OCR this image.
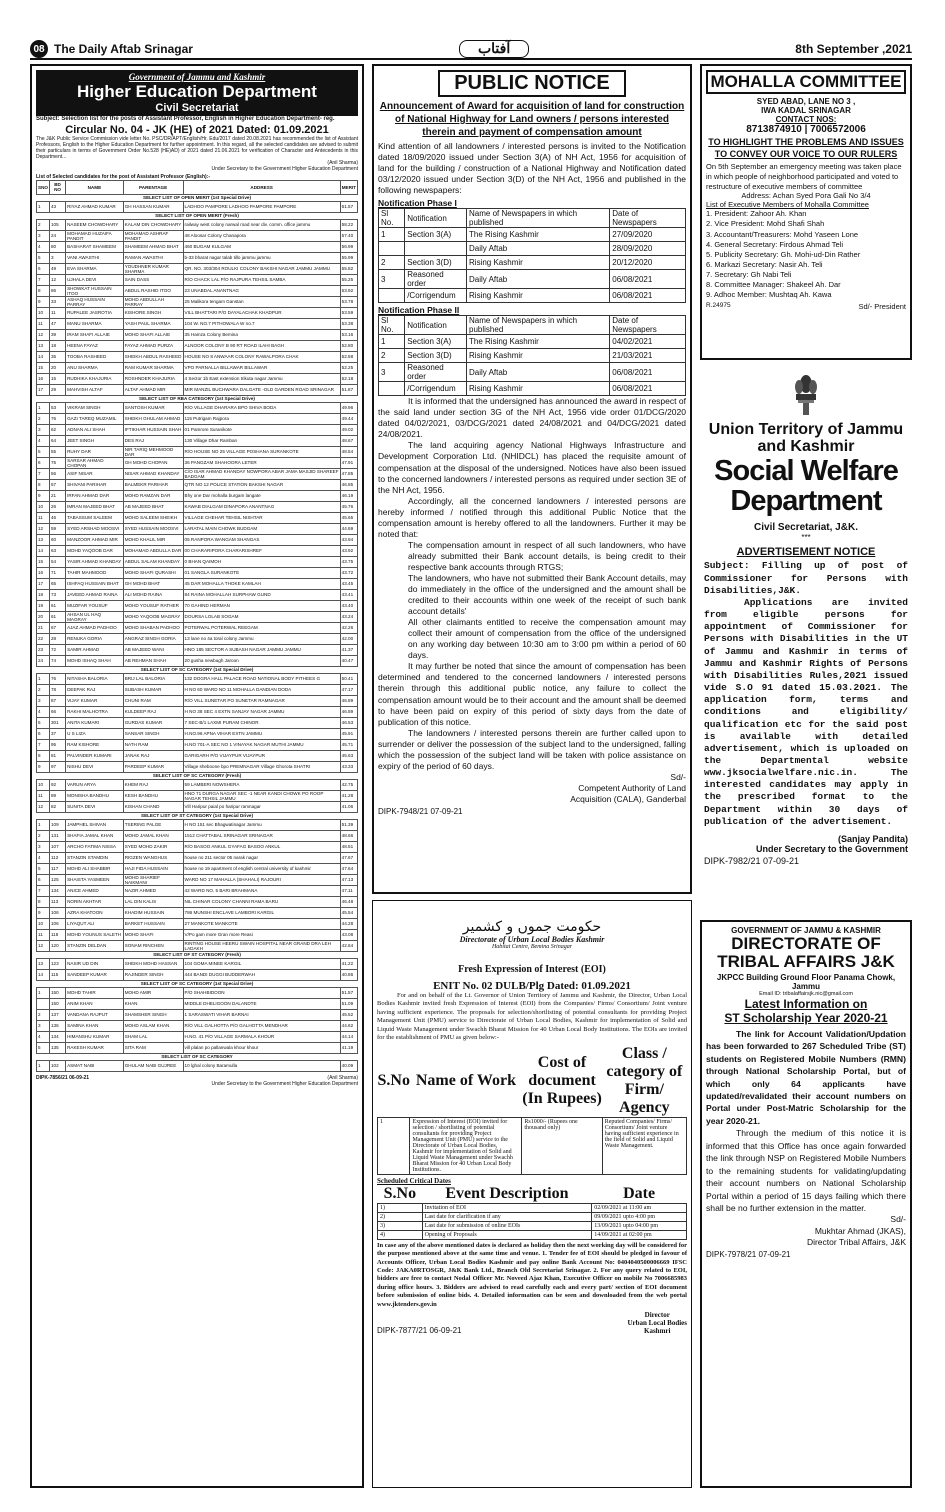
08 The Daily Aftab Srinagar	آفتاب	8th September ,2021
Government of Jammu and Kashmir
Higher Education Department
Civil Secretariat
Subject: Selection list for the posts of Assistant Professor, English in Higher Education Department- reg.
Circular No. 04 - JK (HE) of 2021 Dated: 01.09.2021
The J&K Public Service Commission vide letter No. PSC/DR/APT/English/Hr. Edu/2017 dated 20.08.2021 has recommended the list of Assistant Professors, English to the Higher Education Department for further appointment. In this regard, all the selected candidates are advised to submit their particulars in terms of Government Order No.528 (HE)AD) of 2021 dated 21.06.2021 for verification of Character and Antecedents in this Department...
(Anil Sharma)
Under Secretary to the Government Higher Education Department
List of Selected candidates for the post of Assistant Professor (English):-
SNO	BD NO	NAME	PARENTAGE	ADDRESS	MERIT
SELECT LIST OF OPEN MERIT (1st Special Drive)					
1	43	RIYAZ AHMAD KUMAR	GH HASSAN KUMAR	LADHOO PAMPORE LADHOO PAMPORE PAMPORE	61.57
SELECT LIST OF OPEN MERIT (Fresh)					
2	105	NASEEM CHOWDHARY	KALAM DIN CHOWDHARY	railway west colony narwal road near div. comm. office jammu	58.22
3	24	MOHAMAD HUZAIFA PANDIT	MOHAMAD ASHRAF PANDIT	48 Aloosar Colony Chanapora	57.40
4	80	BASHARAT SHAMEEM	SHAMEEM AHMAD BHAT	460 BUGAM KULGAM	56.99
5	3	VANI AWASTHI	RAMAN AWASTHI	b-33 bharat nagar talab tillo jammu jammu	55.99
6	49	EVA SHARMA	YOUDHNER KUMAR SHARMA	QR. NO. 303/304 ROULKI COLONY BAKSHI NAGAR JAMMU JAMMU	55.82
7	12	UJHALA DEVI	SAIN DASS	R/O CHACK LAL P/O RAJPURA TEHSIL SAMBA	55.25
8	86	SHOWKAT HUSSAIN ITOO	ABDUL RASHID ITOO	23 UNABDAL ANANTNAG	53.92
9	33	ASHAQ HUSSAIN PARRAY	MOHD ABDULLAH PARRAY	25 Malikora tengam Ganstan	53.78
10	11	RUPALEE JASROTIA	KISHORE SINGH	VILL BHATTARI P/O DAYALACHAK KHADPUR	53.59
11	47	MANU SHARMA	YASH PAUL SHARMA	104 W. NO.7 PITHOWALA W no.7	53.38
12	39	IRAM SHAFI ALLAIE	MOHD SHAFI ALLAIE	35 Hamza Colony Bemina	53.16
13	18	HEENA FAYAZ	FAYAZ AHMAD PURZA	ALNOOR COLONY B 90 RT ROAD ILAHI BAGH	52.80
14	35	TOOBA RASHEED	SHEIKH ABDUL RASHEED	HOUSE NO 8 ANWAAR COLONY RAWALPORA CHAK	52.58
15	20	ANU SHARMA	RAM KUMAR SHARMA	VPO PARNALLA BILLAWAR BILLAWAR	52.25
16	15	RUDHIKA KHAJURIA	ROSHNDER KHAJURIA	4 Sector 1b East extension trikuta nagar Jammu	52.18
17	29	MAHVISH ALTAF	ALTAF AHMAD MIR	MIR MANZIL BUCHWARA DALGATE -OLD GARDEN ROAD SRINAGAR	51.87
SELECT LIST OF RBA CATEGORY (1st Special Drive)					
1	53	VIKRAM SINGH	SANTOSH KUMAR	R/O VILLAGE DHARARA BPO SHIVA BODA	49.96
2	76	GAZI TAREQ MUZAMIL	SHEIKH GHULAM AHMAD	115 Putrigam Rajpora	49.44
3	62	ADNAN ALI SHAH	IFTIKHAR HUSSAIN SHAH	01 Pamrore Suranikote	49.02
4	64	JEET SINGH	DES RAJ	130 Village Dhar Ramban	48.67
5	55	RUHY DAR	NIR TARIQ MEHMOOD DAR	R/O HOUSE NO 25 VILLAGE POSHANA SURANKOTE	48.54
6	75	SARSAR AHMAD CHOPAN	GH MOHD CHOPAN	36 PANGZAM SHAHOORA LETER	47.91
7	56	ASIF NISAR	NISAR AHMAD KHANDAY	C/O ISAR AHMAD KHANDAY NOWPORA ABAR JAMA MASJID SHAREEF BADGAM	47.85
8	57	SHIVANI PARIHAR	BALMEKR PARIHAR	QTR NO 12 POLICE STATION BAKSHI NAGAR	46.85
9	21	IRFAN AHMAD DAR	MOHD RAMZAN DAR	Bhy one Dar mohalla burgam langate	46.19
10	26	IMRAN MAJEED BHAT	AB MAJEED BHAT	KAWAB DIALGAM DINAPORA ANANTNAG	45.76
11	46	TABASSUM SALEEM	MOHD SALEEM SHEIKH	VILLAGE CHEHAR TEHSIL NISHTAR	45.65
12	59	SYED ARSHAD MOOSVI	SYED HUSSAIN MOOSVI	LARATAL MAIN CHOWK BUDGAM	44.69
13	60	MANZOOR AHMAD MIR	MOHD KHALIL MIR	05 RANPORA WANGAM SHANGAS	43.94
14	63	MOHD YAQOOB DAR	MOHAMAD ABDULLA DAR	00 CHARARIPORA CHARARISHREF	43.92
15	54	YASIR AHMAD KHANDAY	ABDUL SALAM KHANDAY	0 BHAN QAIMOH	43.75
16	71	TAHIR MAHMOOD	MOHD SHAFI QURASHI	01 SANGLA SURANKOTE	43.72
17	65	ISHFAQ HUSSAIN BHAT	GH MOHD BHAT	45 DAR MOHALLA THOKE KAMLAH	43.45
18	73	JAVEED AHMAD RAINA	ALI MOHD RAINA	84 RAINA MOHALLAH SURPHAW GUND	43.41
19	61	MUZIFAR YOUSUF	MOHD YOUSUF RATHER	70 GAHIND HERMAN	43.40
20	61	AHSAN UL HAQ MAGRAY	MOHD YAQOOB MAGRAY	DOURSA LOLAB SOGAM	43.24
21	67	AJAZ AHMAD PADHOO	MOHD SHABAN PADHOO	POTERWAL POTERWAL REEGAM	42.26
22	28	RENUKA GORIA	ANGRAZ SINGH GORIA	13 lane no 4a toral colony Jammu	42.00
23	72	SAMIR AHMAD	AB MAJEED WANI	HNO 185 SECTOR A SUBASH NAGAR JAMMU JAMMU	41.37
24	74	MOHD ISHAQ SHAH	AB REHMAN SHAH	20 gusha newbugh Jaroon	40.47
SELECT LIST OF SC CATEGORY (1st Special Drive)					
1	76	NITASHA BALORIA	BRIJ LAL BALORIA	132 DOGRA HALL PALACE ROAD NATIONAL BODY PITHEES G	50.41
2	78	DEEPAK RAJ	SUBASH KUMAR	H NO 60 WARD NO 11 MOHALLA DANDIAN DODA	47.17
3	87	VIJAY KUMAR	CHUNI RAM	R/O VILL SUNETAR PO SUNETAR RAMNAGAR	46.89
4	66	RAKHI MALHOTRA	KULDEEP RAJ	H NO 38 SEC 4 EXTN SANJAY NAGAR JAMMU	46.89
5	301	ANITA KUMARI	GURDAS KUMAR	7 SEC-B/1 LAXMI PURAM CHINOR	46.53
6	37	U S LIZA	SANSAR SINGH	H.NO.96 APNA VIHAR EXTN JAMMU	45.91
7	95	RAM KISHORE	NATH RAM	H.NO 701-A SEC NO 1 VINAYAK NAGAR MUTHI JAMMU	45.71
8	81	PALVINDER KUMARI	JANAK RAJ	GARIGARH P/O VIJAYPUR VIJAYPUR	45.63
9	97	NISHU DEVI	PARDEEP KUMAR	Village sheboone bpo PREMNAGAR Village Ghorota SHATRI	43.33
SELECT LIST OF SC CATEGORY (Fresh)					
10	92	VARUN ARYA	KHEM RAJ	59 LAMBERI NOWSHERA	42.75
11	89	MONISHA BANDHU	KESH BANDHU	HNO 71 DURGA NAGAR SEC -1 NEAR KANDI CHOWK PO ROOP NAGAR TEHSIL JAMMU	41.28
12	82	SUNITA DEVI	KISHAN CHAND	Vill Haripur paial po haripur ramnagar	41.06
SELECT LIST OF ST CATEGORY (1st Special Drive)					
1	109	JAMPHEL SHIVAN	TSERING PALGE	H NO 151 sec Bhagwatinagar Jammu	51.39
2	131	SHAFIA JAMAL KHAN	MOHD JAMAL KHAN	1512 CHATTABAL SRINAGAR SRINAGAR	48.66
3	107	ARCHO FATIMA NISSA	SYED MOHD ZAKIR	R/O BASOO ANKUL GYAFAG BASOO ANKUL	48.51
4	112	STANZIN STAMDIN	RIGZEN WANGHUS	house no 211 sector 05 narak nagar	47.67
5	117	MOHD ALI SHABBIR	HAJI FIDA HUSSAIN	house no 19 apartment of english central university of kashmir	47.64
6	125	SHAISTA YASMEEN	MOHD SHARIEF NAIKMANI	WARD NO 17 MAHALLA (SHAHALI) RAJOURI	47.13
7	134	ANICE AHMED	NAZIR AHMED	42 WARD NO. 5 BARI BRAHMANA	47.11
8	113	NORIN AKHTAR	LAL DIN KALIS	NIL CHINAR COLONY CHANNI RAMA BARU	46.48
9	106	AZRA KHATOON	KHADIM HUSSAIN	786 MUNSHI ENCLAVE LAMBORI KARGIL	45.54
10	106	LIYAQUT ALI	BARKET HUSSAIN	27 MANKOTE MANKOTE	44.28
11	118	MOHD YOUNUS SALETH	MOHD SHAFI	V/Po gam more Gran more Reasi	43.08
12	120	STANZIN DELDAN	SONAM RINCHEN	RINTING HOUSE HEERU SWAIN HOSPITAL NEAR GRAND DRA LEH LADAKH	42.64
SELECT LIST OF ST CATEGORY (Fresh)					
13	123	NASIR UD DIN	SHEIKH MOHD HASSAN	104 GOMA MINEE KARGIL	41.22
14	115	SANDEEP KUMAR	RAJINDER SINGH	444 BANDI DUGGI BUDDERWAH	40.86
SELECT LIST OF SC CATEGORY (1st Special Drive)					
1	150	MOHD TAHIR	MOHD AMIR	P/O SHAHBIDOON	51.57
	150	ANIM KHAN	KHAN	MIDDLE DHELIGOON DALANDTE	51.09
2	137	VANDANA RAJPUT	SHAMSHER SINGH	1 SARASWATI VIHAR BARNAI	45.52
3	136	SAMINA KHAN	MOHD ASLAM KHAN	R/O VILL GALHOTTA P/O GALHOTTA MENDHAR	44.62
4	134	HIMANSHU KUMAR	SHAM LAL	H.NO. 41 P/O VILLAGE SARMALA KHOUR	44.14
5	135	RAKESH KUMAR	SITA RAM	vill plalan po pallanwala khour khour	41.19
SELECT LIST OF SC CATEGORY					
1	102	ASMAT NABI	GHULAM NABI GUJREE	10 lghal colony Baramulla	40.09
DIPK-7856/21 06-09-21	(Anil Sharma)
Under Secretary to the Government Higher Education Department
PUBLIC NOTICE
Announcement of Award for acquisition of land for construction of National Highway for Land owners / persons interested therein and payment of compensation amount

Kind attention of all landowners / interested persons is invited to the Notification dated 18/09/2020 issued under Section 3(A) of NH Act, 1956 for acquisition of land for the building / construction of a National Highway and Notification dated 03/12/2020 issued under Section 3(D) of the NH Act, 1956 and published in the following newspapers:

Notification Phase I
Sl No.	Notification	Name of Newspapers in which published	Date of Newspapers
1	Section 3(A)	The Rising Kashmir	27/09/2020
		Daily Aftab	28/09/2020
2	Section 3(D)	Rising Kashmir	20/12/2020
3	Reasoned order	Daily Aftab	06/08/2021
	/Corrigendum	Rising Kashmir	06/08/2021
Notification Phase II
Sl No.	Notification	Name of Newspapers in which published	Date of Newspapers
1	Section 3(A)	The Rising Kashmir	04/02/2021
2	Section 3(D)	Rising Kashmir	21/03/2021
3	Reasoned order	Daily Aftab	06/08/2021
	/Corrigendum	Rising Kashmir	06/08/2021

It is informed that the undersigned has announced the award in respect of the said land under section 3G of the NH Act, 1956 vide order 01/DCG/2020 dated 04/02/2021, 03/DCG/2021 dated 24/08/2021 and 04/DCG/2021 dated 24/08/2021.

The land acquiring agency National Highways Infrastructure and Development Corporation Ltd. (NHIDCL) has placed the requisite amount of compensation at the disposal of the undersigned. Notices have also been issued to the concerned landowners / interested persons as required under section 3E of the NH Act, 1956.

Accordingly, all the concerned landowners / interested persons are hereby informed / notified through this additional Public Notice that the compensation amount is hereby offered to all the landowners. Further it may be noted that:

The compensation amount in respect of all such landowners, who have already submitted their Bank account details, is being credit to their respective bank accounts through RTGS;

The landowners, who have not submitted their Bank Account details, may do immediately in the office of the undersigned and the amount shall be credited to their accounts within one week of the receipt of such bank account details'

All other claimants entitled to receive the compensation amount may collect their amount of compensation from the office of the undersigned on any working day between 10:30 am to 3:00 pm within a period of 60 days.

It may further be noted that since the amount of compensation has been determined and tendered to the concerned landowners / interested persons therein through this additional public notice, any failure to collect the compensation amount would be to their account and the amount shall be deemed to have been paid on expiry of this period of sixty days from the date of publication of this notice.

The landowners / interested persons therein are further called upon to surrender or deliver the possession of the subject land to the undersigned, falling which the possession of the subject land will be taken with police assistance on expiry of the period of 60 days.

Sd/-
Competent Authority of Land
Acquisition (CALA), Ganderbal
DIPK-7948/21 07-09-21
حکومت جموں و کشمیر
Directorate of Urban Local Bodies Kashmir
Habitat Centre, Bemina Srinagar
Fresh Expression of Interest (EOI)
ENIT No. 02 DULB/Plg Dated: 01.09.2021

For and on behalf of the Lt. Governor of Union Territory of Jammu and Kashmir, the Director, Urban Local Bodies Kashmir invited fresh Expression of Interest (EOI) from the Companies/ Firms/ Consortium/ Joint venture having sufficient experience. The proposals for selection/shortlisting of potential consultants for providing Project Management Unit (PMU) service to Directorate of Urban Local Bodies, Kashmir for implementation of Solid and Liquid Waste Management under Swachh Bharat Mission for 40 Urban Local Body Institutions. The EOIs are invited for the establishment of PMU as given below:-

S.No	Name of Work	Cost of document (In Rupees)	Class / category of Firm/ Agency
1	Expression of Interest (EOI) invited for selection / shortlisting of potential consultants for providing Project Management Unit (PMU) service to the Directorate of Urban Local Bodies, Kashmir for implementation of Solid and Liquid Waste Management under Swachh Bharat Mission for 40 Urban Local Body Institutions.	Rs1000/- (Rupees one thousand only)	Reputed Companies/ Firms/ Consortium/ Joint venture having sufficient experience in the field of Solid and Liquid Waste Management.
Scheduled Critical Dates
S.No	Event Description	Date
1)	Invitation of EOI	02/09/2021 at 11:00 am
2)	Last date for clarification if any	09/09/2021 upto 4:00 pm
3)	Last date for submission of online EOIs	13/09/2021 upto 04:00 pm
4)	Opening of Proposals	14/09/2021 at 02:00 pm

In case any of the above mentioned dates is declared as holiday then the next working day will be considered for the purpose mentioned above at the same time and venue. 1. Tender fee of EOI should be pledged in favour of Accounts Officer, Urban Local Bodies Kashmir and pay online Bank Account No: 0404040500006669 IFSC Code: JAKA0RTOSGR, J&K Bank Ltd., Branch Old Secretariat Srinagar. 2. For any query related to EOI, bidders are free to contact Nodal Officer Mr. Noveed Ajaz Khan, Executive Officer on mobile No 7006685983 during office hours. 3. Bidders are advised to read carefully each and every part/ section of EOI document before submission of online bids. 4. Detailed information can be seen and downloaded from the web portal www.jktenders.gov.in

DIPK-7877/21 06-09-21
Director
Urban Local Bodies
Kashmri
MOHALLA COMMITTEE
SYED ABAD, LANE NO 3 ,
IWA KADAL SRINAGAR
CONTACT NOS:
8713874910 | 7006572006
TO HIGHLIGHT THE PROBLEMS AND ISSUES
TO CONVEY OUR VOICE TO OUR RULERS

On 5th September an emergency meeting was taken place in which people of neighborhood participated and voted to restructure of executive members of committee

Address: Achan Syed Pora Gali No 3/4
List of Executive Members of Mohalla Committee
1. President: Zahoor Ah. Khan
2. Vice President: Mohd Shafi Shah
3. Accountant/Treasurers: Mohd Yaseen Lone
4. General Secretary: Firdous Ahmad Teli
5. Publicity Secretary: Gh. Mohi-ud-Din Rather
6. Markazi Secretary: Nasir Ah. Teli
7. Secretary: Gh Nabi Teli
8. Committee Manager: Shakeel Ah. Dar
9. Adhoc Member: Mushtaq Ah. Kawa
R.24975	Sd/- President
Union Territory of Jammu and Kashmir
Social Welfare Department
Civil Secretariat, J&K.
***
ADVERTISEMENT NOTICE

Subject: Filling up of post of Commissioner for Persons with Disabilities,J&K.

Applications are invited from eligible persons for appointment of Commissioner for Persons with Disabilities in the UT of Jammu and Kashmir in terms of Jammu and Kashmir Rights of Persons with Disabilities Rules,2021 issued vide S.O 91 dated 15.03.2021. The application form, terms and conditions and eligibility/ qualification etc for the said post is available with detailed advertisement, which is uploaded on the Departmental website www.jksocialwelfare.nic.in. The interested candidates may apply in the prescribed format to the Department within 30 days of publication of the advertisement.

(Sanjay Pandita)
Under Secretary to the Government
DIPK-7982/21 07-09-21
GOVERNMENT OF JAMMU & KASHMIR
DIRECTORATE OF TRIBAL AFFAIRS J&K
JKPCC Building Ground Floor Panama Chowk, Jammu
Email ID: tribalaffairsjk.nic@gmail.com
Latest Information on
ST Scholarship Year 2020-21

The link for Account Validation/Updation has been forwarded to 267 Scheduled Tribe (ST) students on Registered Mobile Numbers (RMN) through National Scholarship Portal, but of which only 64 applicants have updated/revalidated their account numbers on Portal under Post-Matric Scholarship for the year 2020-21.

Through the medium of this notice it is informed that this Office has once again forwarded the link through NSP on Registered Mobile Numbers to the remaining students for validating/updating their account numbers on National Scholarship Portal within a period of 15 days failing which there shall be no further extension in the matter.

Sd/-
Mukhtar Ahmad (JKAS),
Director Tribal Affairs, J&K
DIPK-7978/21 07-09-21
